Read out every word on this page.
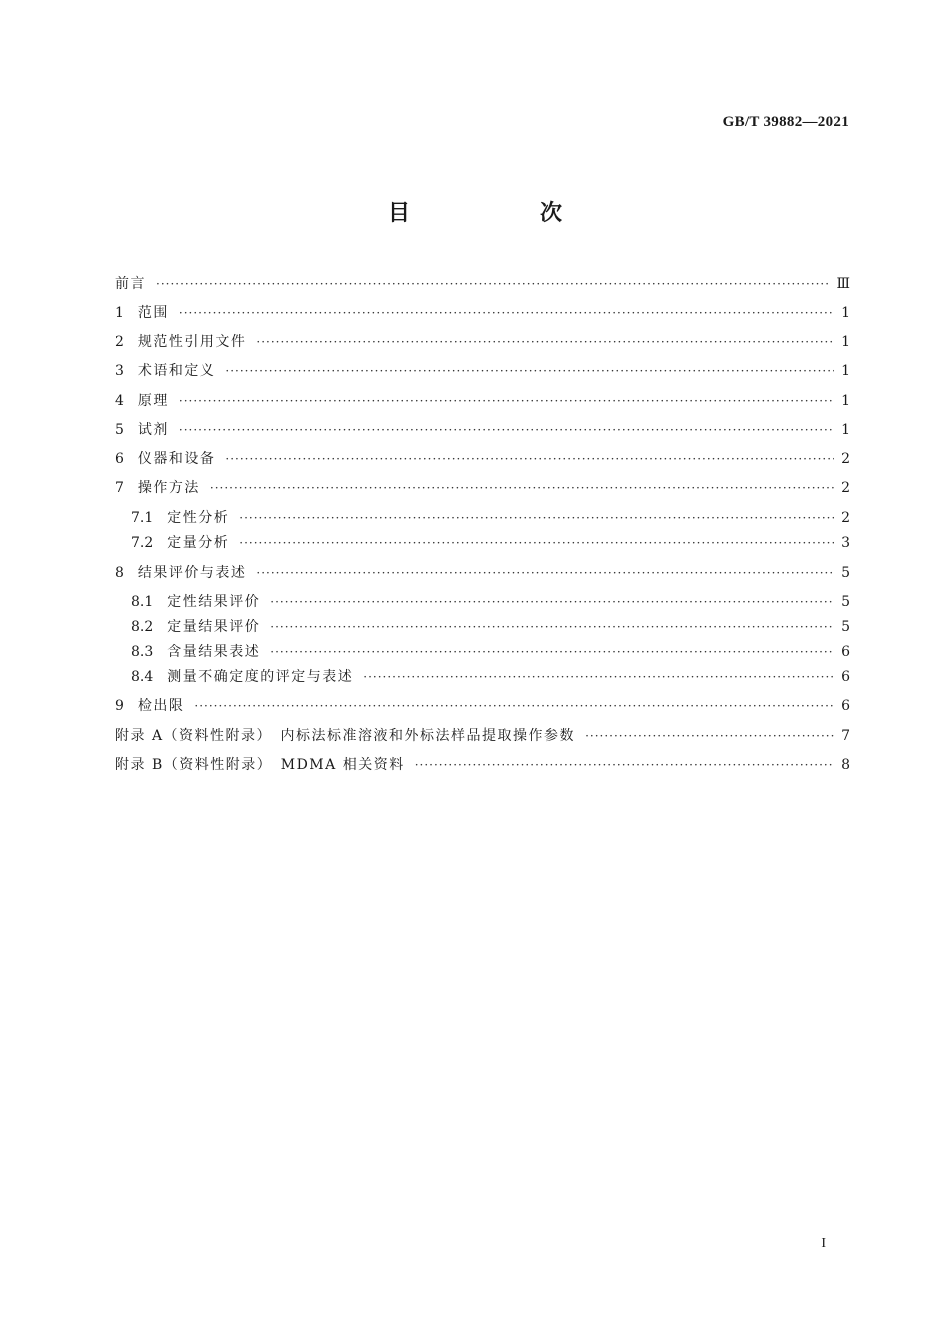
GB/T 39882—2021
目　次
前言 ·····	Ⅲ
1 范围 ·····	1
2 规范性引用文件 ·····	1
3 术语和定义 ·····	1
4 原理 ·····	1
5 试剂 ·····	1
6 仪器和设备 ·····	2
7 操作方法 ·····	2
7.1 定性分析 ·····	2
7.2 定量分析 ·····	3
8 结果评价与表述 ·····	5
8.1 定性结果评价 ·····	5
8.2 定量结果评价 ·····	5
8.3 含量结果表述 ·····	6
8.4 测量不确定度的评定与表述 ·····	6
9 检出限 ·····	6
附录 A（资料性附录）　内标法标准溶液和外标法样品提取操作参数 ·····	7
附录 B（资料性附录）　MDMA 相关资料 ·····	8
I
